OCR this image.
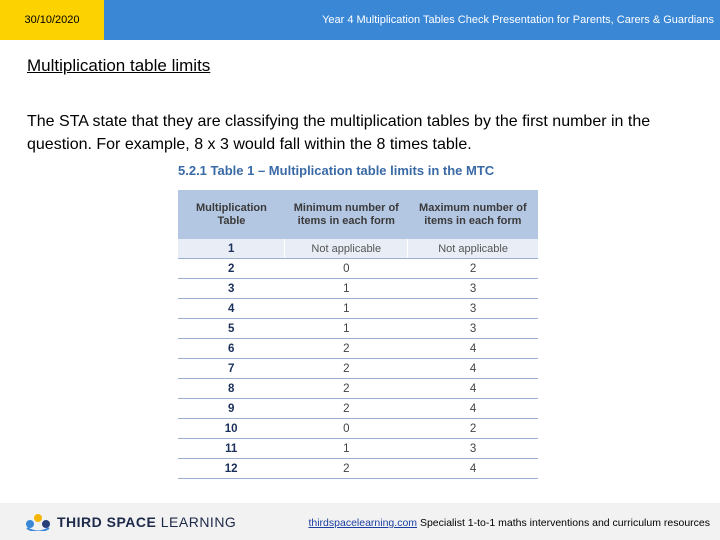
30/10/2020	Year 4 Multiplication Tables Check Presentation for Parents, Carers & Guardians
Multiplication table limits
The STA state that they are classifying the multiplication tables by the first number in the question. For example, 8 x 3 would fall within the 8 times table.
5.2.1 Table 1 – Multiplication table limits in the MTC
Multiplication Table	Minimum number of items in each form	Maximum number of items in each form
1	Not applicable	Not applicable
2	0	2
3	1	3
4	1	3
5	1	3
6	2	4
7	2	4
8	2	4
9	2	4
10	0	2
11	1	3
12	2	4
THIRD SPACE LEARNING	thirdspacelearning.com Specialist 1-to-1 maths interventions and curriculum resources
